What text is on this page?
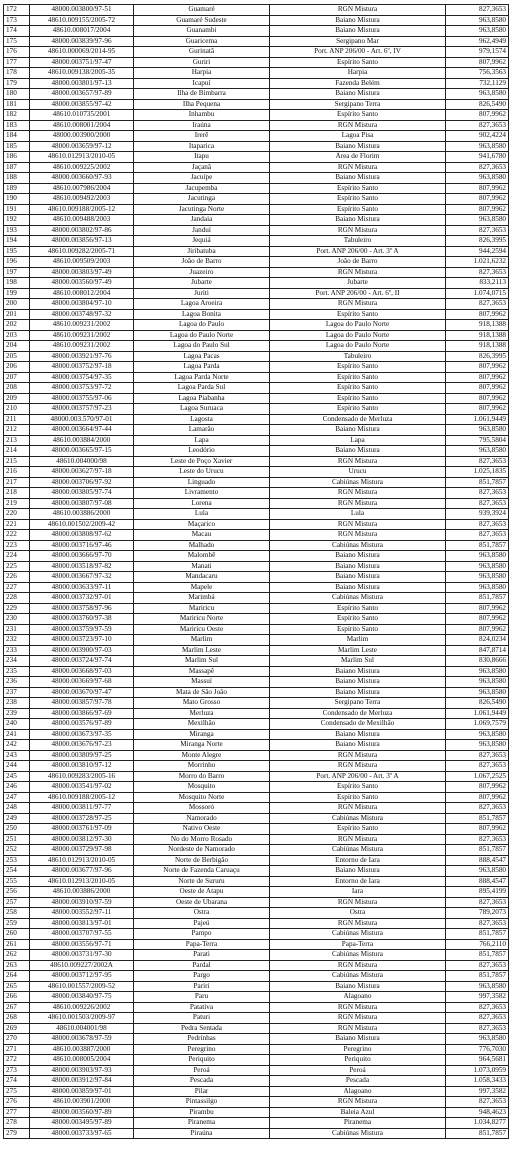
172	48000.003800/97-51	Guamaré	RGN Mistura	827,3653
173	48610.009155/2005-72	Guamaré Sudeste	Baiano Mistura	963,8580
174	48610.008017/2004	Guanambi	Baiano Mistura	963,8580
175	48000.003839/97-96	Guaricema	Sergipano Mar	962,4949
176	48610.000069/2014-95	Gurinatã	Port. ANP 206/00 - Art. 6º, IV	979,1574
177	48000.003751/97-47	Guriri	Espírito Santo	807,9962
178	48610.009138/2005-35	Harpia	Harpia	756,3563
179	48000.003801/97-13	Icapuí	Fazenda Belém	732,1129
180	48000.003657/97-89	Ilha de Bimbarra	Baiano Mistura	963,8580
181	48000.003855/97-42	Ilha Pequena	Sergipano Terra	826,5490
182	48610.010735/2001	Inhambu	Espírito Santo	807,9962
183	48610.008001/2004	Iraúna	RGN Mistura	827,3653
184	48000.003900/2000	Irerê	Lagoa Pisa	902,4224
185	48000.003659/97-12	Itaparica	Baiano Mistura	963,8580
186	48610.012913/2010-05	Itapu	Área de Florim	941,6780
187	48610.009225/2002	Jaçanã	RGN Mistura	827,3653
188	48000.003660/97-93	Jacuípe	Baiano Mistura	963,8580
189	48610.007986/2004	Jacupemba	Espírito Santo	807,9962
190	48610.009492/2003	Jacutinga	Espírito Santo	807,9962
191	48610.009188/2005-12	Jacutinga Norte	Espírito Santo	807,9962
192	48610.009488/2003	Jandaia	Baiano Mistura	963,8580
193	48000.003802/97-86	Janduí	RGN Mistura	827,3653
194	48000.003856/97-13	Jequiá	Tabuleiro	826,3995
195	48610.009282/2005-71	Jiribatuba	Port. ANP 206/00 - Art. 3º A	944,2594
196	48610.009509/2003	João de Barro	João de Barro	1.021,6232
197	48000.003803/97-49	Juazeiro	RGN Mistura	827,3653
198	48000.003560/97-49	Jubarte	Jubarte	833,2113
199	48610.008012/2004	Juriti	Port. ANP 206/00 - Art. 6º, II	1.074,0715
200	48000.003804/97-10	Lagoa Aroeira	RGN Mistura	827,3653
201	48000.003748/97-32	Lagoa Bonita	Espírito Santo	807,9962
202	48610.009231/2002	Lagoa do Paulo	Lagoa do Paulo Norte	918,1388
203	48610.009231/2002	Lagoa do Paulo Norte	Lagoa do Paulo Norte	918,1388
204	48610.009231/2002	Lagoa do Paulo Sul	Lagoa do Paulo Norte	918,1388
205	48000.003921/97-76	Lagoa Pacas	Tabuleiro	826,3995
206	48000.003752/97-18	Lagoa Parda	Espírito Santo	807,9962
207	48000.003754/97-35	Lagoa Parda Norte	Espírito Santo	807,9962
208	48000.003753/97-72	Lagoa Parda Sul	Espírito Santo	807,9962
209	48000.003755/97-06	Lagoa Piabanha	Espírito Santo	807,9962
210	48000.003757/97-23	Lagoa Suruaca	Espírito Santo	807,9962
211	48000.003.570/97-01	Lagosta	Condensado de Merluza	1.061,9449
212	48000.003664/97-44	Lamarão	Baiano Mistura	963,8580
213	48610.003884/2000	Lapa	Lapa	795,5804
214	48000.003665/97-15	Leodório	Baiano Mistura	963,8580
215	48610.004000/98	Leste de Poço Xavier	RGN Mistura	827,3653
216	48000.003627/97-18	Leste do Urucu	Urucu	1.025,1835
217	48000.003706/97-92	Linguado	Cabiúnas Mistura	851,7857
218	48000.003805/97-74	Livramento	RGN Mistura	827,3653
219	48000.003807/97-08	Lorena	RGN Mistura	827,3653
220	48610.003886/2000	Lula	Lula	939,3924
221	48610.001502/2009-42	Maçarico	RGN Mistura	827,3653
222	48000.003808/97-62	Macau	RGN Mistura	827,3653
223	48000.003716/97-46	Malhado	Cabiúnas Mistura	851,7857
224	48000.003666/97-70	Malombê	Baiano Mistura	963,8580
225	48000.003518/97-82	Manati	Baiano Mistura	963,8580
226	48000.003667/97-32	Mandacaru	Baiano Mistura	963,8580
227	48000.003633/97-11	Mapele	Baiano Mistura	963,8580
228	48000.003732/97-01	Marimbá	Cabiúnas Mistura	851,7857
229	48000.003758/97-96	Mariricu	Espírito Santo	807,9962
230	48000.003760/97-38	Mariricu Norte	Espírito Santo	807,9962
231	48000.003759/97-59	Mariricu Oeste	Espírito Santo	807,9962
232	48000.003723/97-10	Marlim	Marlim	824,0234
233	48000.003900/97-03	Marlim Leste	Marlim Leste	847,8714
234	48000.003724/97-74	Marlim Sul	Marlim Sul	830,8666
235	48000.003668/97-03	Massapê	Baiano Mistura	963,8580
236	48000.003669/97-68	Massuí	Baiano Mistura	963,8580
237	48000.003670/97-47	Mata de São João	Baiano Mistura	963,8580
238	48000.003857/97-78	Mato Grosso	Sergipano Terra	826,5490
239	48000.003866/97-69	Merluza	Condensado de Merluza	1.061,9449
240	48000.003576/97-89	Mexilhão	Condensado de Mexilhão	1.069,7579
241	48000.003673/97-35	Miranga	Baiano Mistura	963,8580
242	48000.003676/97-23	Miranga Norte	Baiano Mistura	963,8580
243	48000.003809/97-25	Monte Alegre	RGN Mistura	827,3653
244	48000.003810/97-12	Morrinho	RGN Mistura	827,3653
245	48610.009283/2005-16	Morro do Barro	Port. ANP 206/00 - Art. 3º A	1.067,2525
246	48000.003541/97-02	Mosquito	Espírito Santo	807,9962
247	48610.009188/2005-12	Mosquito Norte	Espírito Santo	807,9962
248	48000.003811/97-77	Mossoró	RGN Mistura	827,3653
249	48000.003728/97-25	Namorado	Cabiúnas Mistura	851,7857
250	48000.003761/97-09	Nativo Oeste	Espírito Santo	807,9962
251	48000.003812/97-30	No do Morro Rosado	RGN Mistura	827,3653
252	48000.003729/97-98	Nordeste de Namorado	Cabiúnas Mistura	851,7857
253	48610.012913/2010-05	Norte de Berbigão	Entorno de Iara	888,4547
254	48000.003677/97-96	Norte de Fazenda Caruaçu	Baiano Mistura	963,8580
255	48610.012913/2010-05	Norte de Sururu	Entorno de Iara	888,4547
256	48610.003886/2000	Oeste de Atapu	Iara	895,4199
257	48000.003910/97-59	Oeste de Ubarana	RGN Mistura	827,3653
258	48000.003552/97-11	Ostra	Ostra	789,2073
259	48000.003813/97-01	Pajeú	RGN Mistura	827,3653
260	48000.003707/97-55	Pampo	Cabiúnas Mistura	851,7857
261	48000.003556/97-71	Papa-Terra	Papa-Terra	766,2110
262	48000.003731/97-30	Parati	Cabiúnas Mistura	851,7857
263	48610.009227/2002A	Pardal	RGN Mistura	827,3653
264	48000.003712/97-95	Pargo	Cabiúnas Mistura	851,7857
265	48610.001557/2009-52	Pariri	Baiano Mistura	963,8580
266	48000.003840/97-75	Paru	Alagoano	997,3582
267	48610.009226/2002	Patativa	RGN Mistura	827,3653
268	48610.001503/2009-97	Paturi	RGN Mistura	827,3653
269	48610.004001/98	Pedra Sentada	RGN Mistura	827,3653
270	48000.003678/97-59	Pedrinhas	Baiano Mistura	963,8580
271	48610.003887/2000	Peregrino	Peregrino	776,7030
272	48610.008005/2004	Periquito	Periquito	964,5681
273	48000.003903/97-93	Peroá	Peroá	1.073,0959
274	48000.003912/97-84	Pescada	Pescada	1.058,3433
275	48000.003859/97-01	Pilar	Alagoano	997,3582
276	48610.003901/2000	Pintassilgo	RGN Mistura	827,3653
277	48000.003560/97-89	Pirambu	Baleia Azul	948,4623
278	48000.003495/97-89	Piranema	Piranema	1.034,8277
279	48000.003733/97-65	Piraúna	Cabiúnas Mistura	851,7857
